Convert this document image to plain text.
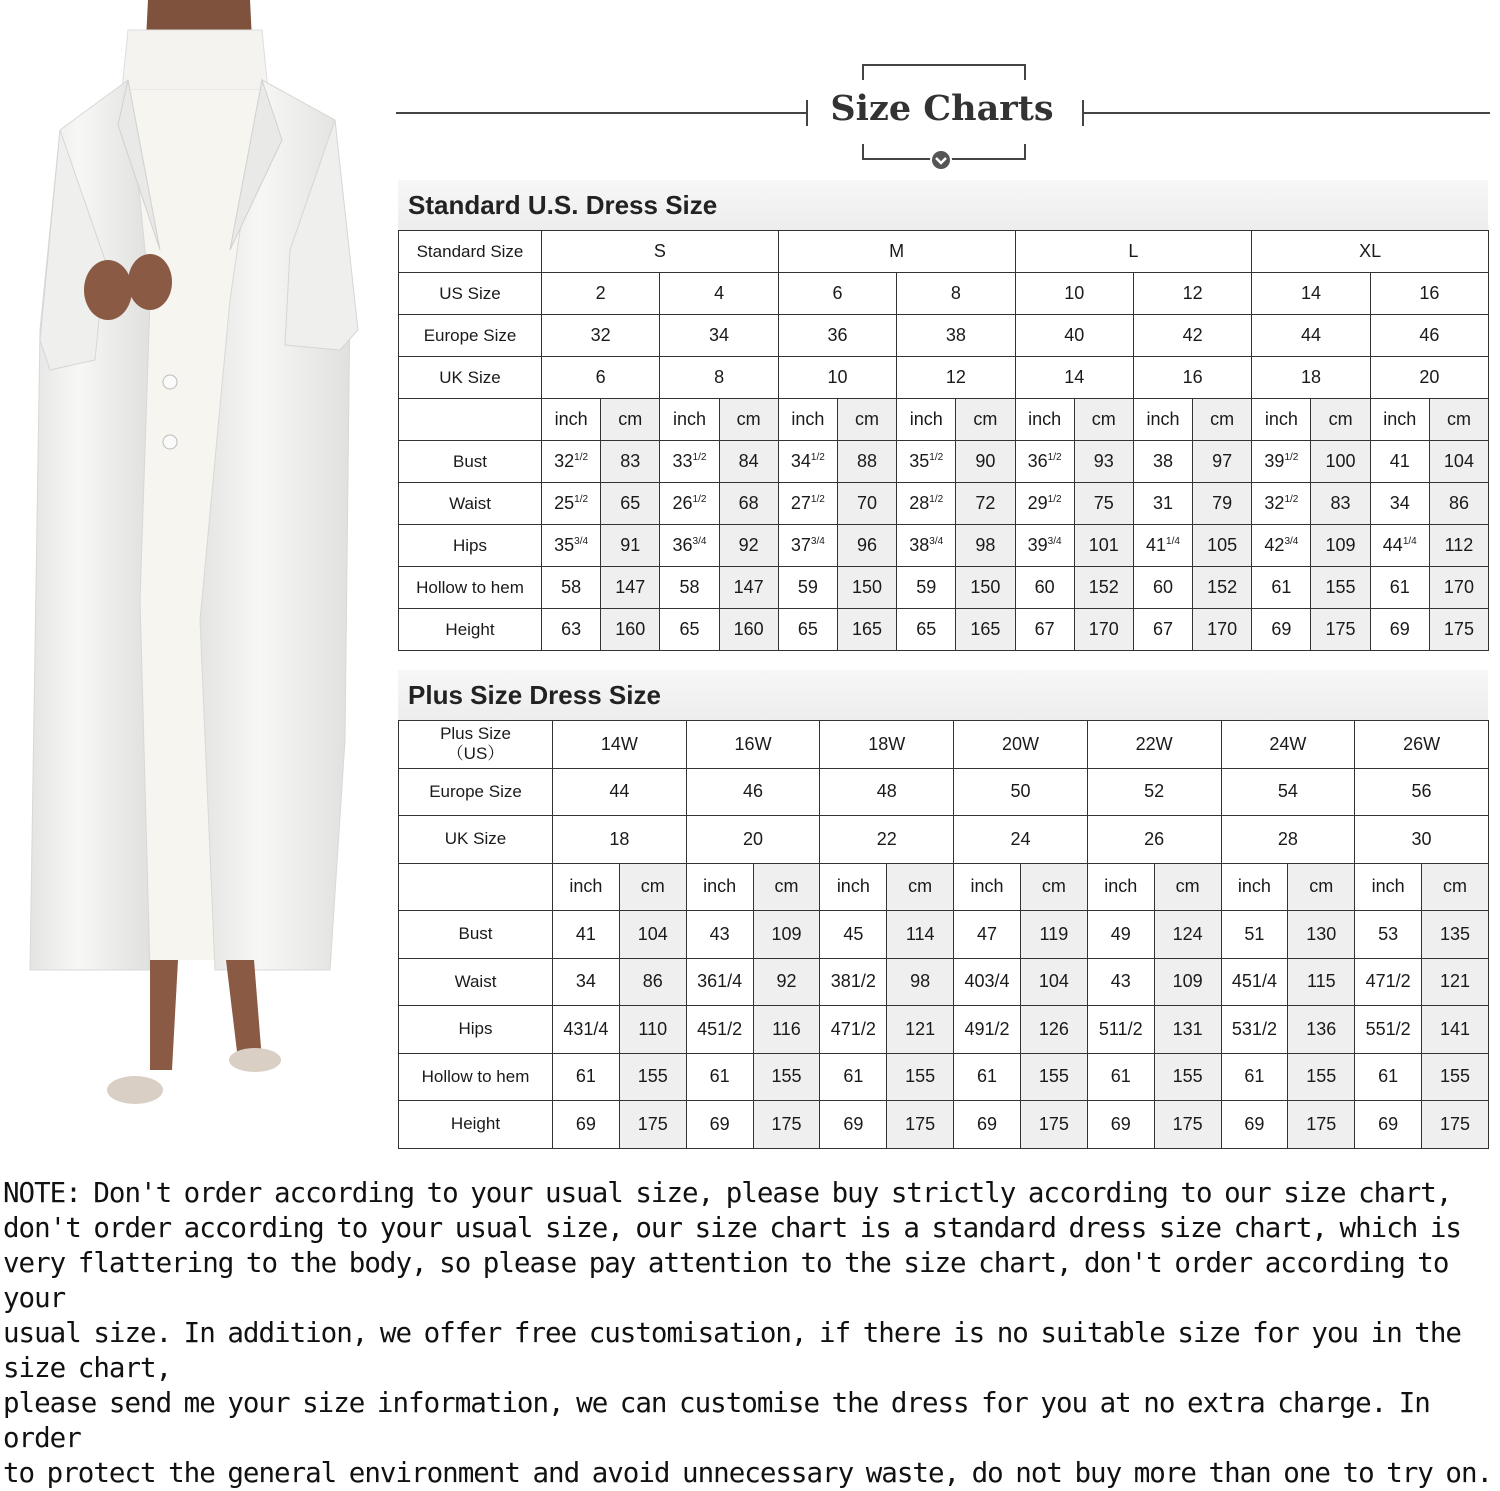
Size Charts
Standard U.S. Dress Size
Standard Size	S				M				L				XL			
US Size	2		4		6		8		10		12		14		16	
Europe Size	32		34		36		38		40		42		44		46	
UK Size	6		8		10		12		14		16		18		20	
	inch	cm	inch	cm	inch	cm	inch	cm	inch	cm	inch	cm	inch	cm	inch	cm
Bust	$32^{1/2}$	83	$33^{1/2}$	84	$34^{1/2}$	88	$35^{1/2}$	90	$36^{1/2}$	93	38	97	$39^{1/2}$	100	41	104
Waist	$25^{1/2}$	65	$26^{1/2}$	68	$27^{1/2}$	70	$28^{1/2}$	72	$29^{1/2}$	75	31	79	$32^{1/2}$	83	34	86
Hips	$35^{3/4}$	91	$36^{3/4}$	92	$37^{3/4}$	96	$38^{3/4}$	98	$39^{3/4}$	101	$41^{1/4}$	105	$42^{3/4}$	109	$44^{1/4}$	112
Hollow to hem	58	147	58	147	59	150	59	150	60	152	60	152	61	155	61	170
Height	63	160	65	160	65	165	65	165	67	170	67	170	69	175	69	175
Plus Size Dress Size
Plus Size
（US）	14W		16W		18W		20W		22W		24W		26W	
Europe Size	44		46		48		50		52		54		56	
UK Size	18		20		22		24		26		28		30	
	inch	cm	inch	cm	inch	cm	inch	cm	inch	cm	inch	cm	inch	cm
Bust	41	104	43	109	45	114	47	119	49	124	51	130	53	135
Waist	34	86	361/4	92	381/2	98	403/4	104	43	109	451/4	115	471/2	121
Hips	431/4	110	451/2	116	471/2	121	491/2	126	511/2	131	531/2	136	551/2	141
Hollow to hem	61	155	61	155	61	155	61	155	61	155	61	155	61	155
Height	69	175	69	175	69	175	69	175	69	175	69	175	69	175
NOTE: Don't order according to your usual size, please buy strictly according to our size chart,
don't order according to your usual size, our size chart is a standard dress size chart, which is
very flattering to the body, so please pay attention to the size chart, don't order according to your
usual size. In addition, we offer free customisation, if there is no suitable size for you in the size chart,
please send me your size information, we can customise the dress for you at no extra charge. In order
to protect the general environment and avoid unnecessary waste, do not buy more than one to try on.
